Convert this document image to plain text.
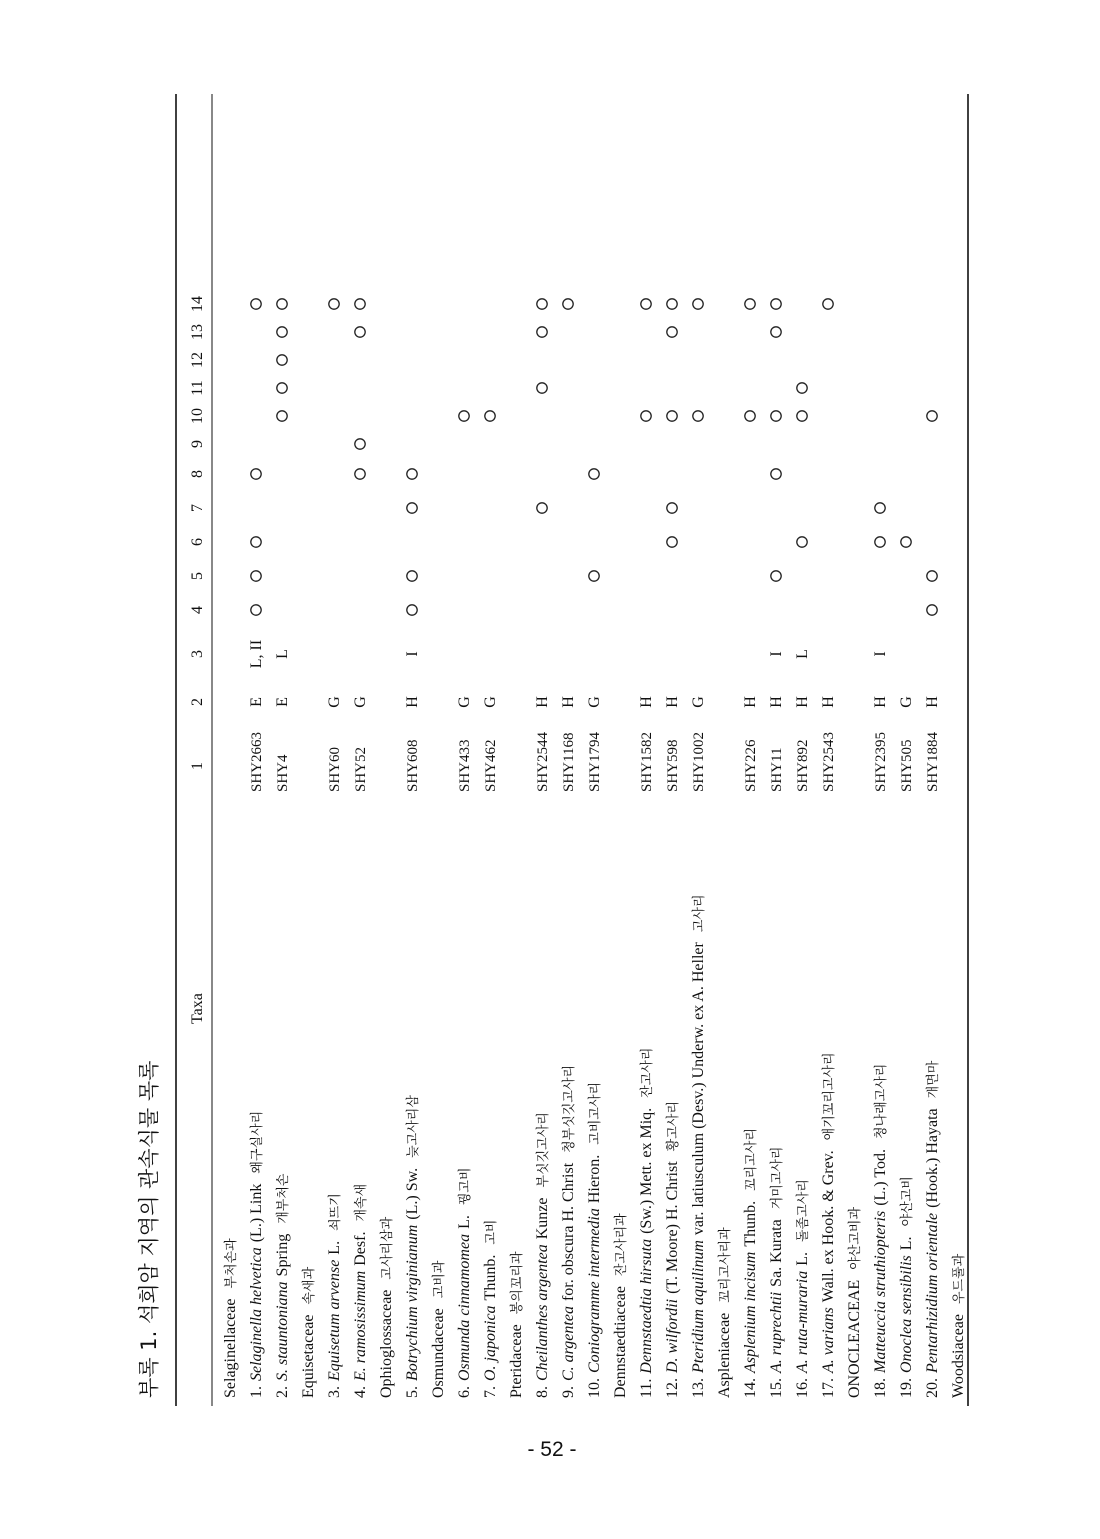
부록 1. 석회암 지역의 관속식물 목록
Taxa
1
2
3
4
5
6
7
8
9
10
11
12
13
14
Selaginellaceae부처손과
1.Selaginella helvetica(L.) Link왜구실사리
SHY2663
E
L, II
2.S. stauntonianaSpring개부처손
SHY4
E
L
Equisetaceae속새과
3.Equisetum arvenseL.쇠뜨기
SHY60
G
4.E. ramosissimumDesf.개속새
SHY52
G
Ophioglossaceae고사리삼과
5.Botrychium virginianum(L.) Sw.늦고사리삼
SHY608
H
I
Osmundaceae고비과
6.Osmunda cinnamomeaL.꿩고비
SHY433
G
7.O. japonicaThunb.고비
SHY462
G
Pteridaceae봉의꼬리과
8.Cheilanthes argenteaKunze부싯깃고사리
SHY2544
H
9.C. argenteafor. obscura H. Christ청부싯깃고사리
SHY1168
H
10.Coniogramme intermediaHieron.고비고사리
SHY1794
G
Dennstaedtiaceae잔고사리과
11.Dennstaedtia hirsuta(Sw.) Mett. ex Miq.잔고사리
SHY1582
H
12.D. wilfordii(T. Moore) H. Christ황고사리
SHY598
H
13.Pteridium aquilinumvar. latiusculum (Desv.) Underw. ex A. Heller고사리
SHY1002
G
Aspleniaceae꼬리고사리과
14.Asplenium incisumThunb.꼬리고사리
SHY226
H
15.A. ruprechtiiSa. Kurata거미고사리
SHY11
H
I
16.A. ruta-murariaL.돌좀고사리
SHY892
H
L
17.A. variansWall. ex Hook. & Grev.애기꼬리고사리
SHY2543
H
ONOCLEACEAE야산고비과
18.Matteuccia struthiopteris(L.) Tod.청나래고사리
SHY2395
H
I
19.Onoclea sensibilisL.야산고비
SHY505
G
20.Pentarhizidium orientale(Hook.) Hayata개면마
SHY1884
H
Woodsiaceae우드풀과
- 52 -
